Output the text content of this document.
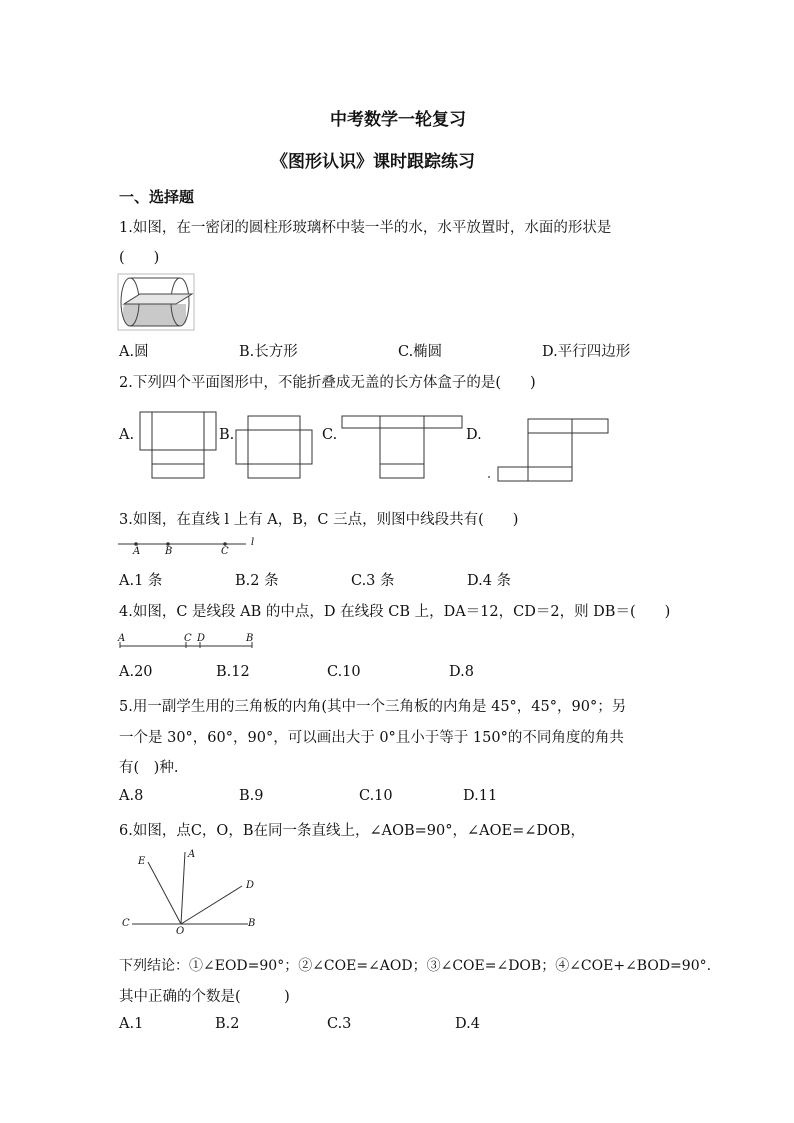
中考数学一轮复习
《图形认识》课时跟踪练习
一、选择题
1.如图，在一密闭的圆柱形玻璃杯中装一半的水，水平放置时，水面的形状是
(　　)
A.圆	B.长方形	C.椭圆	D.平行四边形
2.下列四个平面图形中，不能折叠成无盖的长方体盒子的是(　　)
A.	B.	C.	D.
3.如图，在直线 l 上有 A，B，C 三点，则图中线段共有(　　)
A B	C
l
A.1 条	B.2 条	C.3 条	D.4 条
4.如图，C 是线段 AB 的中点，D 在线段 CB 上，DA＝12，CD＝2，则 DB＝(　　)
A	C D	B
A.20	B.12	C.10	D.8
5.用一副学生用的三角板的内角(其中一个三角板的内角是 45°，45°，90°；另
一个是 30°，60°，90°，可以画出大于 0°且小于等于 150°的不同角度的角共
有(　)种.
A.8	B.9	C.10	D.11
6.如图，点C，O，B在同一条直线上，∠AOB=90°，∠AOE=∠DOB，
E
A
D
C
O
B
下列结论：①∠EOD=90°；②∠COE=∠AOD；③∠COE=∠DOB；④∠COE+∠BOD=90°.
其中正确的个数是(　　　)
A.1	B.2	C.3	D.4
